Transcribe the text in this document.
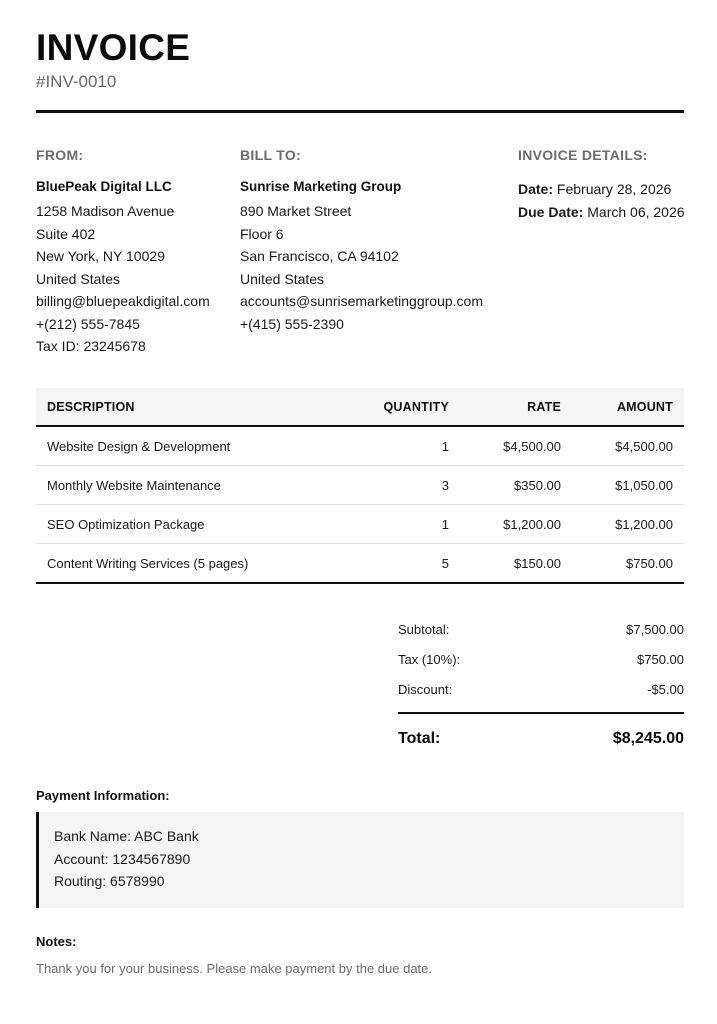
INVOICE
#INV-0010
FROM:
BluePeak Digital LLC
1258 Madison Avenue
Suite 402
New York, NY 10029
United States
billing@bluepeakdigital.com
+(212) 555-7845
Tax ID: 23245678
BILL TO:
Sunrise Marketing Group
890 Market Street
Floor 6
San Francisco, CA 94102
United States
accounts@sunrisemarketinggroup.com
+(415) 555-2390
INVOICE DETAILS:
Date: February 28, 2026
Due Date: March 06, 2026
DESCRIPTION	QUANTITY	RATE	AMOUNT
Website Design & Development	1	$4,500.00	$4,500.00
Monthly Website Maintenance	3	$350.00	$1,050.00
SEO Optimization Package	1	$1,200.00	$1,200.00
Content Writing Services (5 pages)	5	$150.00	$750.00
Subtotal:	$7,500.00
Tax (10%):	$750.00
Discount:	-$5.00
Total:	$8,245.00
Payment Information:
Bank Name: ABC Bank
Account: 1234567890
Routing: 6578990
Notes:
Thank you for your business. Please make payment by the due date.
